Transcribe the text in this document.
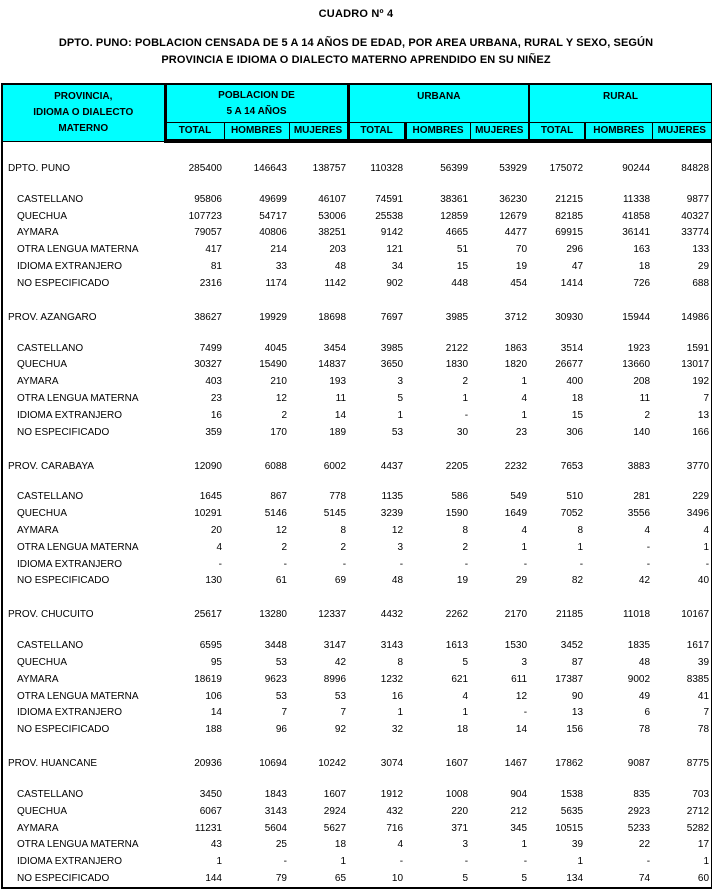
CUADRO Nº 4
DPTO. PUNO: POBLACION CENSADA DE 5 A 14 AÑOS DE EDAD, POR AREA URBANA, RURAL Y SEXO, SEGÚN
PROVINCIA E IDIOMA O DIALECTO MATERNO APRENDIDO EN SU NIÑEZ
PROVINCIA,
IDIOMA O DIALECTO
MATERNO

POBLACION DE
5 A 14 AÑOS
	URBANA	RURAL
	TOTAL	HOMBRES	MUJERES	TOTAL	HOMBRES	MUJERES	TOTAL	HOMBRES	MUJERES
DPTO. PUNO	285400	146643	138757	110328	56399	53929	175072	90244	84828

CASTELLANO	95806	49699	46107	74591	38361	36230	21215	11338	9877
QUECHUA	107723	54717	53006	25538	12859	12679	82185	41858	40327
AYMARA	79057	40806	38251	9142	4665	4477	69915	36141	33774
OTRA LENGUA MATERNA	417	214	203	121	51	70	296	163	133
IDIOMA EXTRANJERO	81	33	48	34	15	19	47	18	29
NO ESPECIFICADO	2316	1174	1142	902	448	454	1414	726	688
PROV. AZANGARO	38627	19929	18698	7697	3985	3712	30930	15944	14986

CASTELLANO	7499	4045	3454	3985	2122	1863	3514	1923	1591
QUECHUA	30327	15490	14837	3650	1830	1820	26677	13660	13017
AYMARA	403	210	193	3	2	1	400	208	192
OTRA LENGUA MATERNA	23	12	11	5	1	4	18	11	7
IDIOMA EXTRANJERO	16	2	14	1	-	1	15	2	13
NO ESPECIFICADO	359	170	189	53	30	23	306	140	166
PROV. CARABAYA	12090	6088	6002	4437	2205	2232	7653	3883	3770

CASTELLANO	1645	867	778	1135	586	549	510	281	229
QUECHUA	10291	5146	5145	3239	1590	1649	7052	3556	3496
AYMARA	20	12	8	12	8	4	8	4	4
OTRA LENGUA MATERNA	4	2	2	3	2	1	1	-	1
IDIOMA EXTRANJERO	-	-	-	-	-	-	-	-	-
NO ESPECIFICADO	130	61	69	48	19	29	82	42	40
PROV. CHUCUITO	25617	13280	12337	4432	2262	2170	21185	11018	10167

CASTELLANO	6595	3448	3147	3143	1613	1530	3452	1835	1617
QUECHUA	95	53	42	8	5	3	87	48	39
AYMARA	18619	9623	8996	1232	621	611	17387	9002	8385
OTRA LENGUA MATERNA	106	53	53	16	4	12	90	49	41
IDIOMA EXTRANJERO	14	7	7	1	1	-	13	6	7
NO ESPECIFICADO	188	96	92	32	18	14	156	78	78
PROV. HUANCANE	20936	10694	10242	3074	1607	1467	17862	9087	8775

CASTELLANO	3450	1843	1607	1912	1008	904	1538	835	703
QUECHUA	6067	3143	2924	432	220	212	5635	2923	2712
AYMARA	11231	5604	5627	716	371	345	10515	5233	5282
OTRA LENGUA MATERNA	43	25	18	4	3	1	39	22	17
IDIOMA EXTRANJERO	1	-	1	-	-	-	1	-	1
NO ESPECIFICADO	144	79	65	10	5	5	134	74	60
